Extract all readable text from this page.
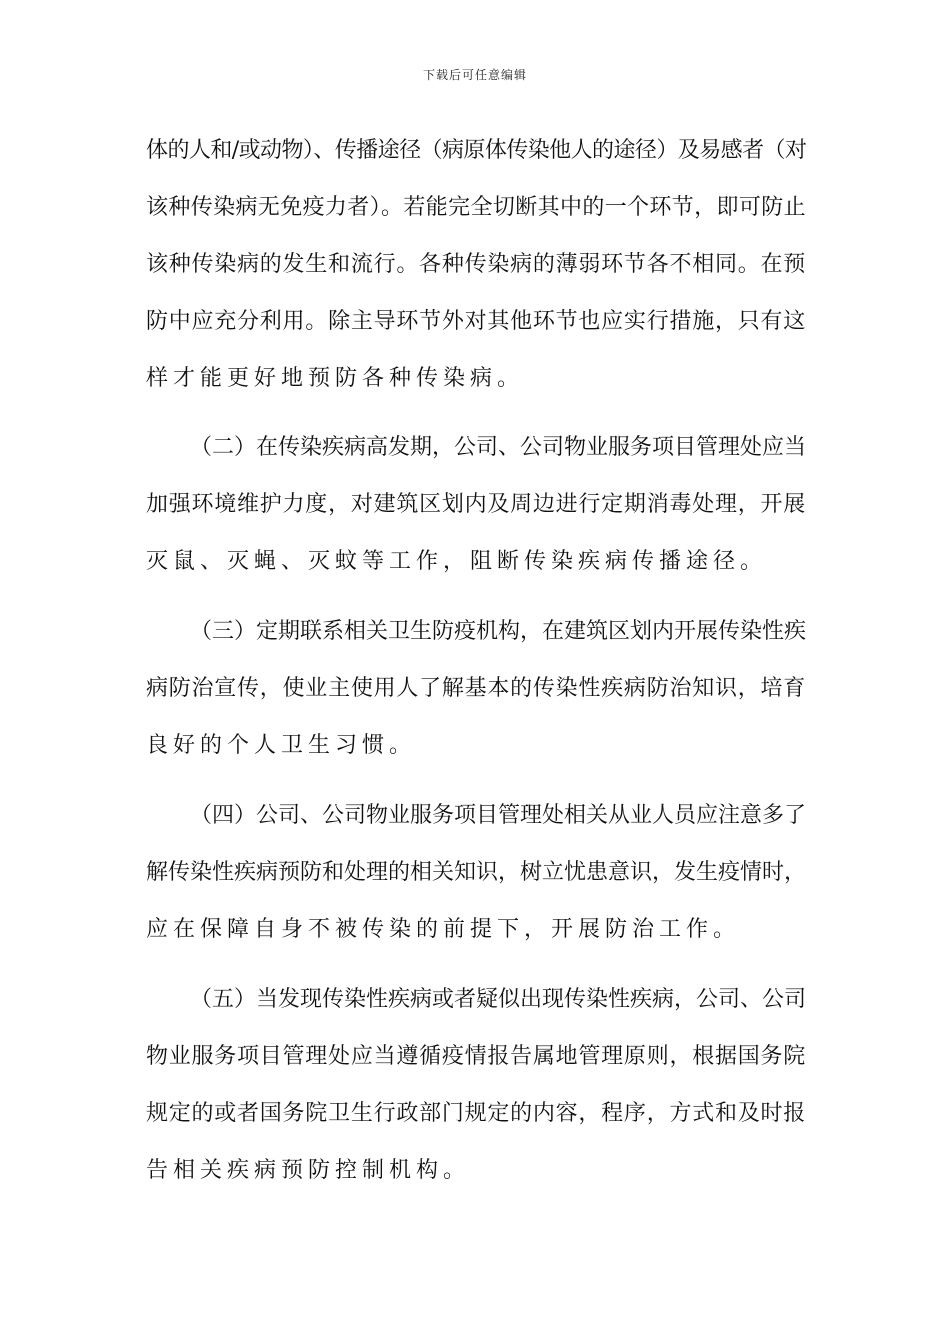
下载后可任意编辑
体的人和/或动物）、传播途径（病原体传染他人的途径）及易感者（对
该种传染病无免疫力者）。若能完全切断其中的一个环节，即可防止
该种传染病的发生和流行。各种传染病的薄弱环节各不相同。在预
防中应充分利用。除主导环节外对其他环节也应实行措施，只有这
样才能更好地预防各种传染病。
（二）在传染疾病高发期，公司、公司物业服务项目管理处应当
加强环境维护力度，对建筑区划内及周边进行定期消毒处理，开展
灭鼠、灭蝇、灭蚊等工作，阻断传染疾病传播途径。
（三）定期联系相关卫生防疫机构，在建筑区划内开展传染性疾
病防治宣传，使业主使用人了解基本的传染性疾病防治知识，培育
良好的个人卫生习惯。
（四）公司、公司物业服务项目管理处相关从业人员应注意多了
解传染性疾病预防和处理的相关知识，树立忧患意识，发生疫情时，
应在保障自身不被传染的前提下，开展防治工作。
（五）当发现传染性疾病或者疑似出现传染性疾病，公司、公司
物业服务项目管理处应当遵循疫情报告属地管理原则，根据国务院
规定的或者国务院卫生行政部门规定的内容，程序，方式和及时报
告相关疾病预防控制机构。
